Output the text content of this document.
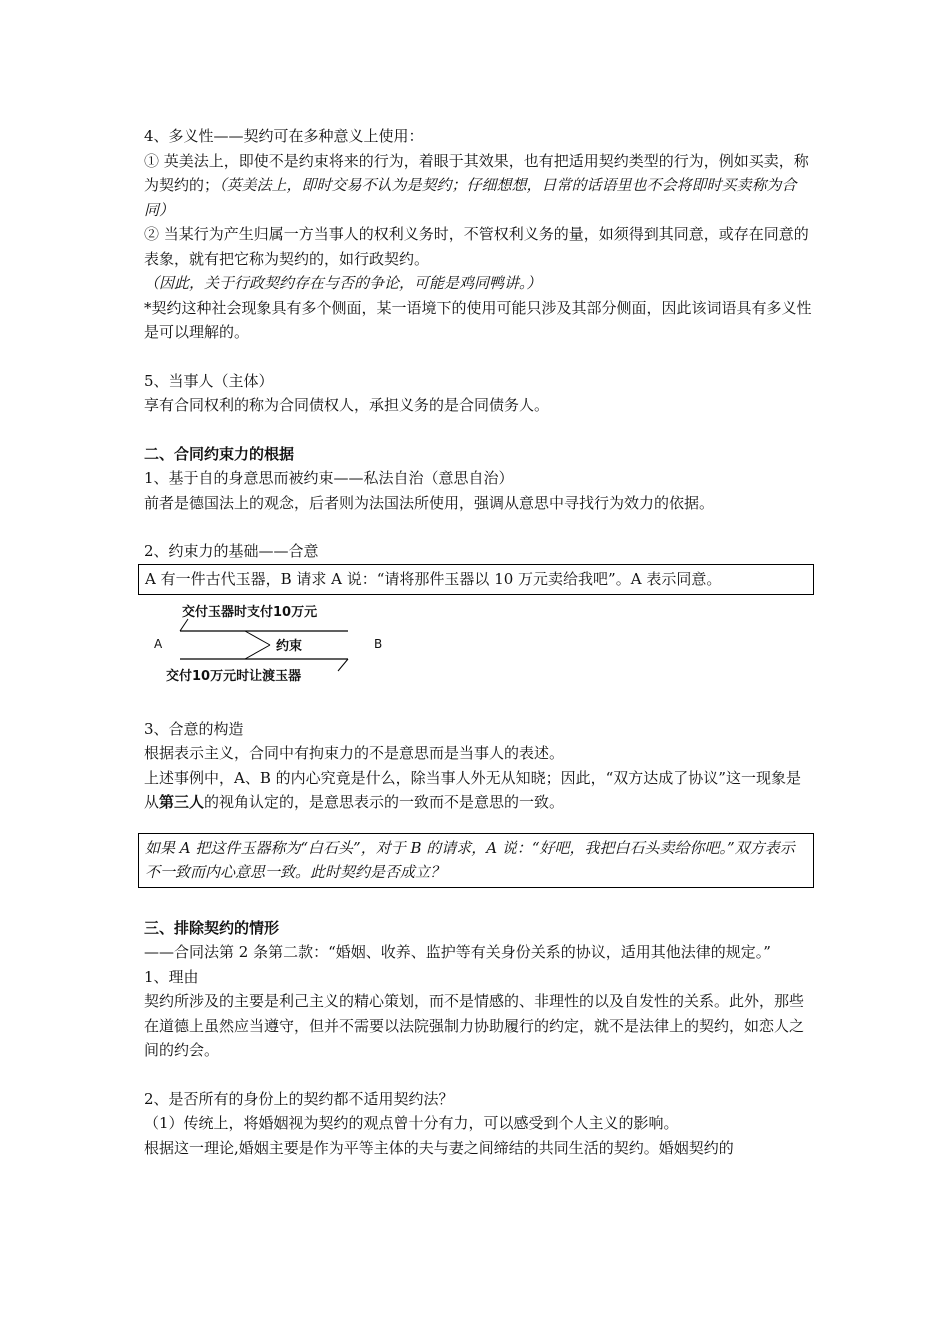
4、多义性——契约可在多种意义上使用：

① 英美法上，即使不是约束将来的行为，着眼于其效果，也有把适用契约类型的行为，例如买卖，称为契约的；（英美法上，即时交易不认为是契约；仔细想想，日常的话语里也不会将即时买卖称为合同）

② 当某行为产生归属一方当事人的权利义务时，不管权利义务的量，如须得到其同意，或存在同意的表象，就有把它称为契约的，如行政契约。（因此，关于行政契约存在与否的争论，可能是鸡同鸭讲。）

*契约这种社会现象具有多个侧面，某一语境下的使用可能只涉及其部分侧面，因此该词语具有多义性是可以理解的。

5、当事人（主体）

享有合同权利的称为合同债权人，承担义务的是合同债务人。

二、合同约束力的根据

1、基于自的身意思而被约束——私法自治（意思自治）

前者是德国法上的观念，后者则为法国法所使用，强调从意思中寻找行为效力的依据。

2、约束力的基础——合意

A 有一件古代玉器，B 请求 A 说：“请将那件玉器以 10 万元卖给我吧”。A 表示同意。
交付玉器时支付10万元
约束
交付10万元时让渡玉器
A	B

3、合意的构造

根据表示主义，合同中有拘束力的不是意思而是当事人的表述。

上述事例中，A、B 的内心究竟是什么，除当事人外无从知晓；因此，“双方达成了协议”这一现象是从第三人的视角认定的，是意思表示的一致而不是意思的一致。

如果 A 把这件玉器称为“白石头”，对于 B 的请求，A 说：“好吧，我把白石头卖给你吧。”双方表示不一致而内心意思一致。此时契约是否成立？

三、排除契约的情形

——合同法第 2 条第二款：“婚姻、收养、监护等有关身份关系的协议，适用其他法律的规定。”

1、理由

契约所涉及的主要是利己主义的精心策划，而不是情感的、非理性的以及自发性的关系。此外，那些在道德上虽然应当遵守，但并不需要以法院强制力协助履行的约定，就不是法律上的契约，如恋人之间的约会。

2、是否所有的身份上的契约都不适用契约法？

（1）传统上，将婚姻视为契约的观点曾十分有力，可以感受到个人主义的影响。

根据这一理论,婚姻主要是作为平等主体的夫与妻之间缔结的共同生活的契约。婚姻契约的
